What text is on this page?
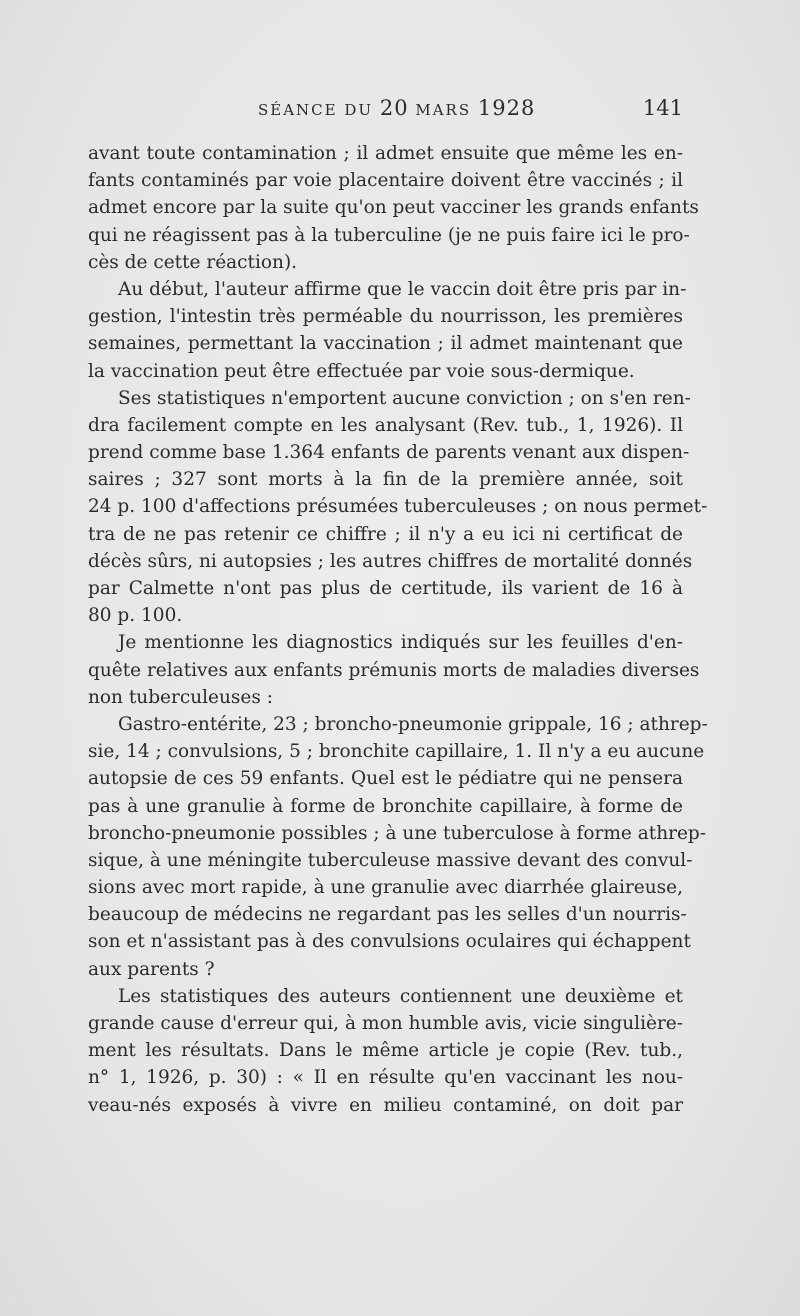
SÉANCE DU 20 MARS 1928	141
avant toute contamination ; il admet ensuite que même les en-
fants contaminés par voie placentaire doivent être vaccinés ; il
admet encore par la suite qu'on peut vacciner les grands enfants
qui ne réagissent pas à la tuberculine (je ne puis faire ici le pro-
cès de cette réaction).
Au début, l'auteur affirme que le vaccin doit être pris par in-
gestion, l'intestin très perméable du nourrisson, les premières
semaines, permettant la vaccination ; il admet maintenant que
la vaccination peut être effectuée par voie sous-dermique.
Ses statistiques n'emportent aucune conviction ; on s'en ren-
dra facilement compte en les analysant (Rev. tub., 1, 1926). Il
prend comme base 1.364 enfants de parents venant aux dispen-
saires ; 327 sont morts à la fin de la première année, soit
24 p. 100 d'affections présumées tuberculeuses ; on nous permet-
tra de ne pas retenir ce chiffre ; il n'y a eu ici ni certificat de
décès sûrs, ni autopsies ; les autres chiffres de mortalité donnés
par Calmette n'ont pas plus de certitude, ils varient de 16 à
80 p. 100.
Je mentionne les diagnostics indiqués sur les feuilles d'en-
quête relatives aux enfants prémunis morts de maladies diverses
non tuberculeuses :
Gastro-entérite, 23 ; broncho-pneumonie grippale, 16 ; athrep-
sie, 14 ; convulsions, 5 ; bronchite capillaire, 1. Il n'y a eu aucune
autopsie de ces 59 enfants. Quel est le pédiatre qui ne pensera
pas à une granulie à forme de bronchite capillaire, à forme de
broncho-pneumonie possibles ; à une tuberculose à forme athrep-
sique, à une méningite tuberculeuse massive devant des convul-
sions avec mort rapide, à une granulie avec diarrhée glaireuse,
beaucoup de médecins ne regardant pas les selles d'un nourris-
son et n'assistant pas à des convulsions oculaires qui échappent
aux parents ?
Les statistiques des auteurs contiennent une deuxième et
grande cause d'erreur qui, à mon humble avis, vicie singulière-
ment les résultats. Dans le même article je copie (Rev. tub.,
n° 1, 1926, p. 30) : « Il en résulte qu'en vaccinant les nou-
veau-nés exposés à vivre en milieu contaminé, on doit par
